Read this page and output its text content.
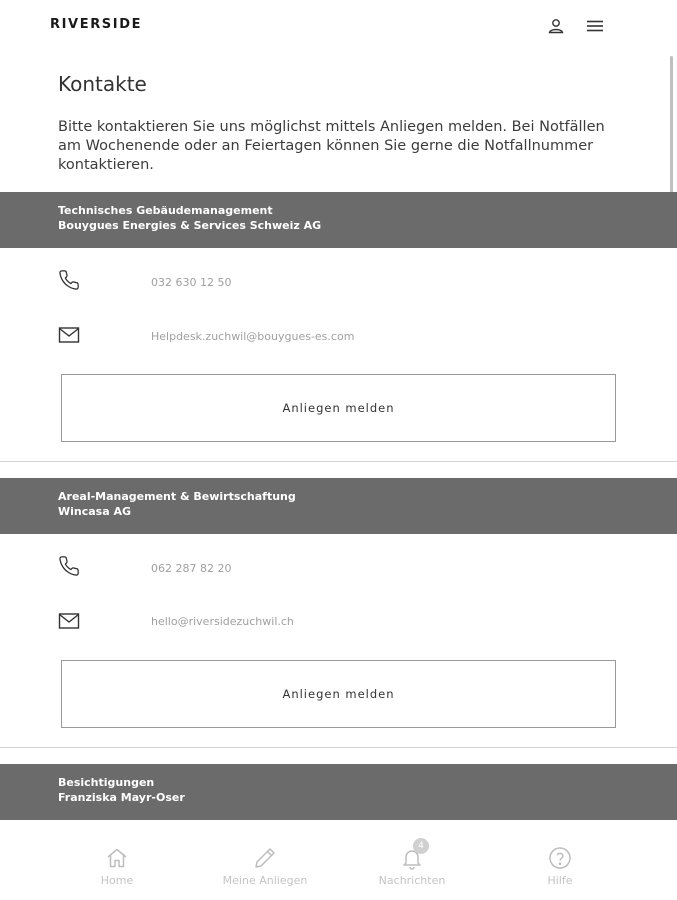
RIVERSIDE
Kontakte

Bitte kontaktieren Sie uns möglichst mittels Anliegen melden. Bei Notfällen am Wochenende oder an Feiertagen können Sie gerne die Notfallnummer kontaktieren.

Technisches Gebäudemanagement
Bouygues Energies & Services Schweiz AG
032 630 12 50
Helpdesk.zuchwil@bouygues-es.com
Anliegen melden
Areal-Management & Bewirtschaftung
Wincasa AG
062 287 82 20
hello@riversidezuchwil.ch
Anliegen melden
Besichtigungen
Franziska Mayr-Oser
Home	Meine Anliegen
4
Nachrichten	Hilfe
